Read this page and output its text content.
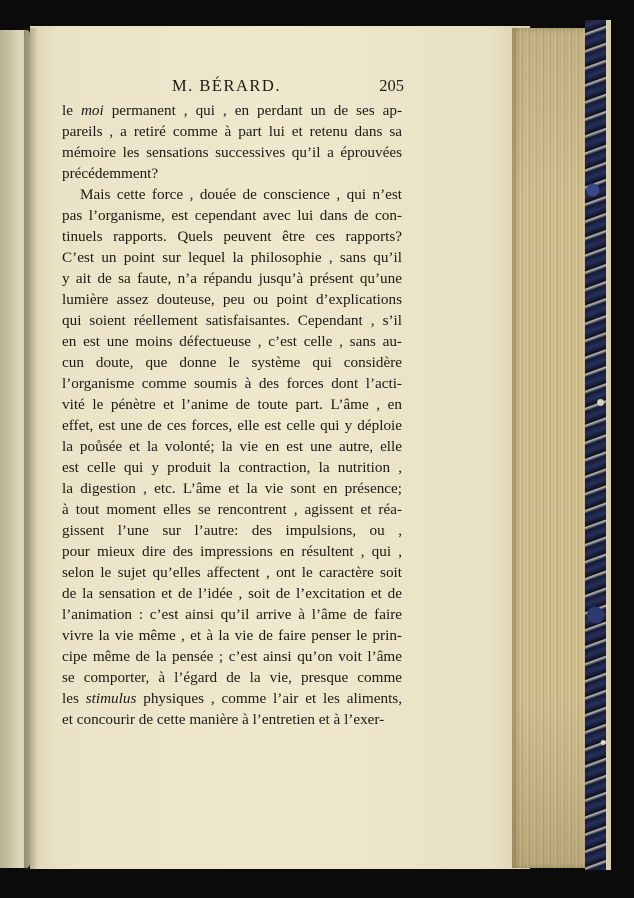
M. BÉRARD.	205
le moi permanent , qui , en perdant un de ses ap-
pareils , a retiré comme à part lui et retenu dans sa
mémoire les sensations successives qu’il a éprouvées
précédemment?
Mais cette force , douée de conscience , qui n’est
pas l’organisme, est cependant avec lui dans de con-
tinuels rapports. Quels peuvent être ces rapports?
C’est un point sur lequel la philosophie , sans qu’il
y ait de sa faute, n’a répandu jusqu’à présent qu’une
lumière assez douteuse, peu ou point d’explications
qui soient réellement satisfaisantes. Cependant , s’il
en est une moins défectueuse , c’est celle , sans au-
cun doute, que donne le système qui considère
l’organisme comme soumis à des forces dont l’acti-
vité le pénètre et l’anime de toute part. L’âme , en
effet, est une de ces forces, elle est celle qui y déploie
la poůsée et la volonté; la vie en est une autre, elle
est celle qui y produit la contraction, la nutrition ,
la digestion , etc. L’âme et la vie sont en présence;
à tout moment elles se rencontrent , agissent et réa-
gissent l’une sur l’autre: des impulsions, ou ,
pour mieux dire des impressions en résultent , qui ,
selon le sujet qu’elles affectent , ont le caractère soit
de la sensation et de l’idée , soit de l’excitation et de
l’animation : c’est ainsi qu’il arrive à l’âme de faire
vivre la vie même , et à la vie de faire penser le prin-
cipe même de la pensée ; c’est ainsi qu’on voit l’âme
se comporter, à l’égard de la vie, presque comme
les stimulus physiques , comme l’air et les aliments,
et concourir de cette manière à l’entretien et à l’exer-
